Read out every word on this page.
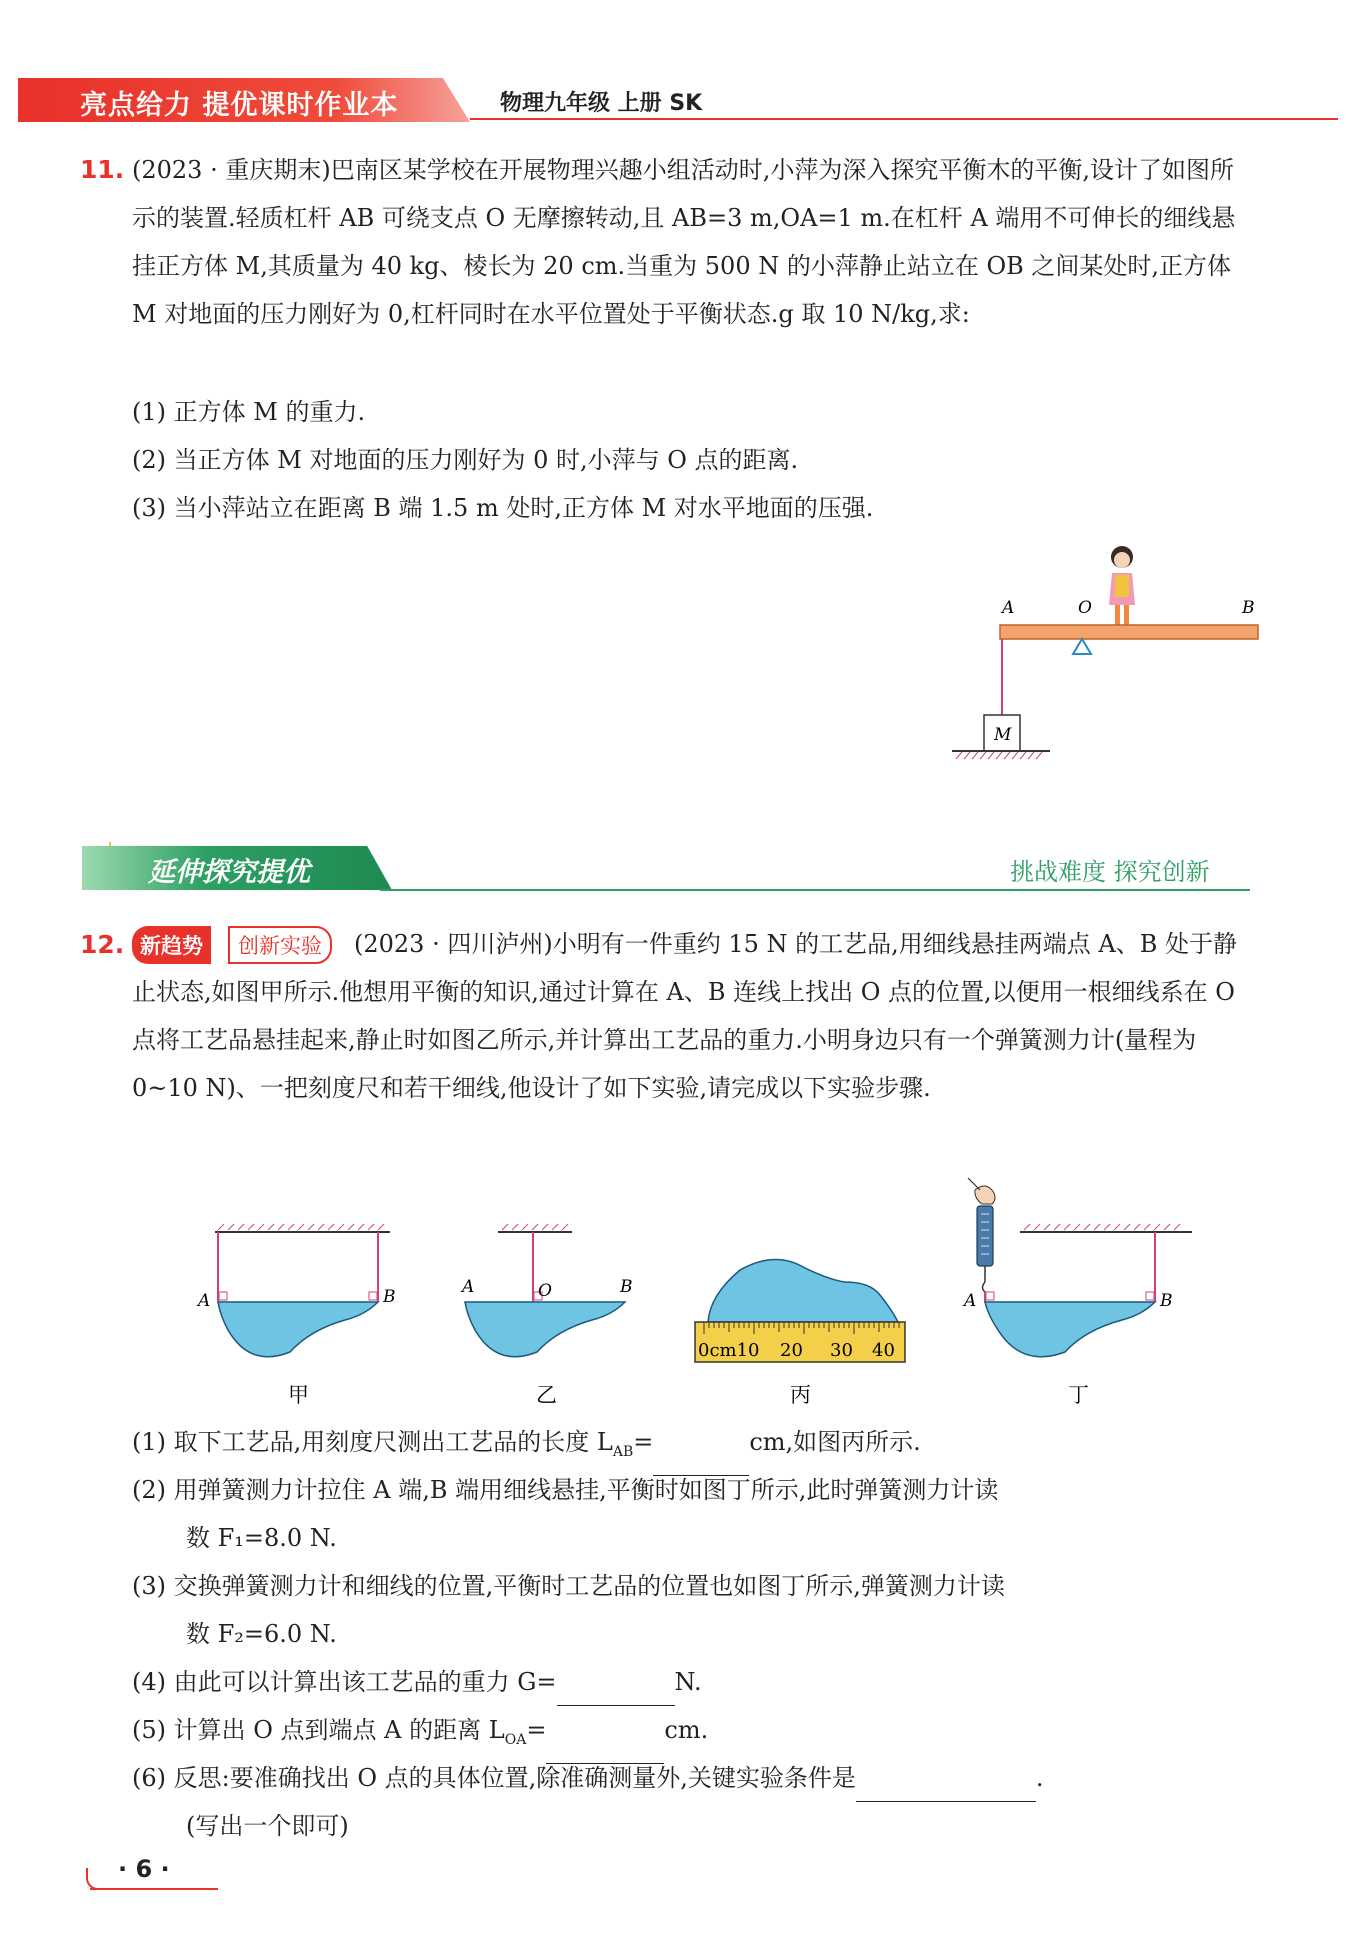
亮点给力 提优课时作业本	物理九年级 上册 SK
11. (2023 · 重庆期末)巴南区某学校在开展物理兴趣小组活动时,小萍为深入探究平衡木的平衡,设计了如图所示的装置.轻质杠杆 AB 可绕支点 O 无摩擦转动,且 AB=3 m,OA=1 m.在杠杆 A 端用不可伸长的细线悬挂正方体 M,其质量为 40 kg、棱长为 20 cm.当重为 500 N 的小萍静止站立在 OB 之间某处时,正方体 M 对地面的压力刚好为 0,杠杆同时在水平位置处于平衡状态.g 取 10 N/kg,求:
(1) 正方体 M 的重力.
(2) 当正方体 M 对地面的压力刚好为 0 时,小萍与 O 点的距离.
(3) 当小萍站立在距离 B 端 1.5 m 处时,正方体 M 对水平地面的压强.
A	O	B
M
延伸探究提优	挑战难度 探究创新
12.	(2023 · 四川泸州)小明有一件重约 15 N 的工艺品,用细线悬挂两端点 A、B 处于静止状态,如图甲所示.他想用平衡的知识,通过计算在 A、B 连线上找出 O 点的位置,以便用一根细线系在 O 点将工艺品悬挂起来,静止时如图乙所示,并计算出工艺品的重力.小明身边只有一个弹簧测力计(量程为 0~10 N)、一把刻度尺和若干细线,他设计了如下实验,请完成以下实验步骤.
新趋势	创新实验
A	B
甲
A	O	B
乙
0cm10 20 30 40
丙
A	B
丁
(1) 取下工艺品,用刻度尺测出工艺品的长度 $L_{AB}=$	cm,如图丙所示.
(2) 用弹簧测力计拉住 A 端,B 端用细线悬挂,平衡时如图丁所示,此时弹簧测力计读
数 F₁=8.0 N.
(3) 交换弹簧测力计和细线的位置,平衡时工艺品的位置也如图丁所示,弹簧测力计读
数 F₂=6.0 N.
(4) 由此可以计算出该工艺品的重力 G=	N.
(5) 计算出 O 点到端点 A 的距离 $L_{OA}=$	cm.
(6) 反思:要准确找出 O 点的具体位置,除准确测量外,关键实验条件是	.
(写出一个即可)
· 6 ·
